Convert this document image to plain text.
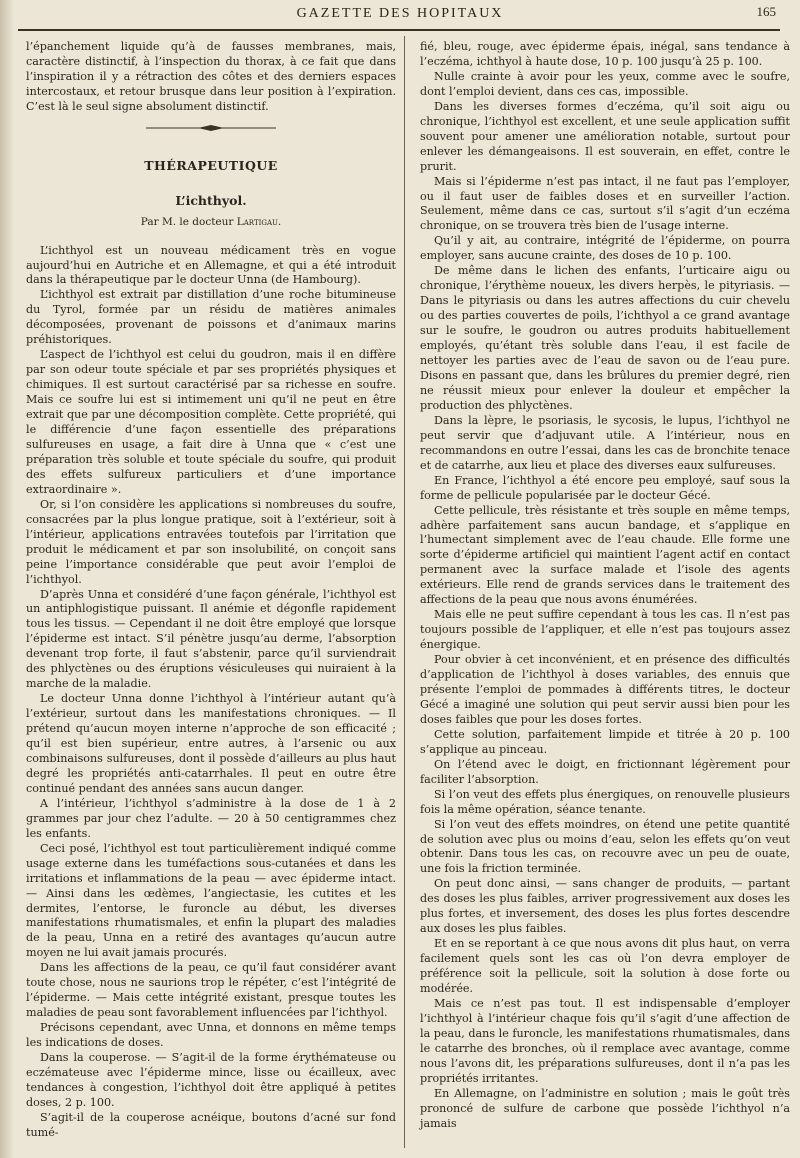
GAZETTE DES HOPITAUX	165

l’épanchement liquide qu’à de fausses membranes, mais, caractère distinctif, à l’inspection du thorax, à ce fait que dans l’inspiration il y a rétraction des côtes et des derniers espaces intercostaux, et retour brusque dans leur position à l’expiration. C’est là le seul signe absolument distinctif.

THÉRAPEUTIQUE
L’ichthyol.
Par M. le docteur Lartigau.

L’ichthyol est un nouveau médicament très en vogue aujourd’hui en Autriche et en Allemagne, et qui a été introduit dans la thérapeutique par le docteur Unna (de Hambourg).

L’ichthyol est extrait par distillation d’une roche bitumineuse du Tyrol, formée par un résidu de matières animales décomposées, provenant de poissons et d’animaux marins préhistoriques.

L’aspect de l’ichthyol est celui du goudron, mais il en diffère par son odeur toute spéciale et par ses propriétés physiques et chimiques. Il est surtout caractérisé par sa richesse en soufre. Mais ce soufre lui est si intimement uni qu’il ne peut en être extrait que par une décomposition complète. Cette propriété, qui le différencie d’une façon essentielle des préparations sulfureuses en usage, a fait dire à Unna que « c’est une préparation très soluble et toute spéciale du soufre, qui produit des effets sulfureux particuliers et d’une importance extraordinaire ».

Or, si l’on considère les applications si nombreuses du soufre, consacrées par la plus longue pratique, soit à l’extérieur, soit à l’intérieur, applications entravées toutefois par l’irritation que produit le médicament et par son insolubilité, on conçoit sans peine l’importance considérable que peut avoir l’emploi de l’ichthyol.

D’après Unna et considéré d’une façon générale, l’ichthyol est un antiphlogistique puissant. Il anémie et dégonfle rapidement tous les tissus. — Cependant il ne doit être employé que lorsque l’épiderme est intact. S’il pénètre jusqu’au derme, l’absorption devenant trop forte, il faut s’abstenir, parce qu’il surviendrait des phlyctènes ou des éruptions vésiculeuses qui nuiraient à la marche de la maladie.

Le docteur Unna donne l’ichthyol à l’intérieur autant qu’à l’extérieur, surtout dans les manifestations chroniques. — Il prétend qu’aucun moyen interne n’approche de son efficacité ; qu’il est bien supérieur, entre autres, à l’arsenic ou aux combinaisons sulfureuses, dont il possède d’ailleurs au plus haut degré les propriétés anti-catarrhales. Il peut en outre être continué pendant des années sans aucun danger.

A l’intérieur, l’ichthyol s’administre à la dose de 1 à 2 grammes par jour chez l’adulte. — 20 à 50 centigrammes chez les enfants.

Ceci posé, l’ichthyol est tout particulièrement indiqué comme usage externe dans les tuméfactions sous-cutanées et dans les irritations et inflammations de la peau — avec épiderme intact. — Ainsi dans les œdèmes, l’angiectasie, les cutites et les dermites, l’entorse, le furoncle au début, les diverses manifestations rhumatismales, et enfin la plupart des maladies de la peau, Unna en a retiré des avantages qu’aucun autre moyen ne lui avait jamais procurés.

Dans les affections de la peau, ce qu’il faut considérer avant toute chose, nous ne saurions trop le répéter, c’est l’intégrité de l’épiderme. — Mais cette intégrité existant, presque toutes les maladies de peau sont favorablement influencées par l’ichthyol.

Précisons cependant, avec Unna, et donnons en même temps les indications de doses.

Dans la couperose. — S’agit-il de la forme érythémateuse ou eczémateuse avec l’épiderme mince, lisse ou écailleux, avec tendances à congestion, l’ichthyol doit être appliqué à petites doses, 2 p. 100.

S’agit-il de la couperose acnéique, boutons d’acné sur fond tumé-

fié, bleu, rouge, avec épiderme épais, inégal, sans tendance à l’eczéma, ichthyol à haute dose, 10 p. 100 jusqu’à 25 p. 100.

Nulle crainte à avoir pour les yeux, comme avec le soufre, dont l’emploi devient, dans ces cas, impossible.

Dans les diverses formes d’eczéma, qu’il soit aigu ou chronique, l’ichthyol est excellent, et une seule application suffit souvent pour amener une amélioration notable, surtout pour enlever les démangeaisons. Il est souverain, en effet, contre le prurit.

Mais si l’épiderme n’est pas intact, il ne faut pas l’employer, ou il faut user de faibles doses et en surveiller l’action. Seulement, même dans ce cas, surtout s’il s’agit d’un eczéma chronique, on se trouvera très bien de l’usage interne.

Qu’il y ait, au contraire, intégrité de l’épiderme, on pourra employer, sans aucune crainte, des doses de 10 p. 100.

De même dans le lichen des enfants, l’urticaire aigu ou chronique, l’érythème noueux, les divers herpès, le pityriasis. — Dans le pityriasis ou dans les autres affections du cuir chevelu ou des parties couvertes de poils, l’ichthyol a ce grand avantage sur le soufre, le goudron ou autres produits habituellement employés, qu’étant très soluble dans l’eau, il est facile de nettoyer les parties avec de l’eau de savon ou de l’eau pure. Disons en passant que, dans les brûlures du premier degré, rien ne réussit mieux pour enlever la douleur et empêcher la production des phlyctènes.

Dans la lèpre, le psoriasis, le sycosis, le lupus, l’ichthyol ne peut servir que d’adjuvant utile. A l’intérieur, nous en recommandons en outre l’essai, dans les cas de bronchite tenace et de catarrhe, aux lieu et place des diverses eaux sulfureuses.

En France, l’ichthyol a été encore peu employé, sauf sous la forme de pellicule popularisée par le docteur Gécé.

Cette pellicule, très résistante et très souple en même temps, adhère parfaitement sans aucun bandage, et s’applique en l’humectant simplement avec de l’eau chaude. Elle forme une sorte d’épiderme artificiel qui maintient l’agent actif en contact permanent avec la surface malade et l’isole des agents extérieurs. Elle rend de grands services dans le traitement des affections de la peau que nous avons énumérées.

Mais elle ne peut suffire cependant à tous les cas. Il n’est pas toujours possible de l’appliquer, et elle n’est pas toujours assez énergique.

Pour obvier à cet inconvénient, et en présence des difficultés d’application de l’ichthyol à doses variables, des ennuis que présente l’emploi de pommades à différents titres, le docteur Gécé a imaginé une solution qui peut servir aussi bien pour les doses faibles que pour les doses fortes.

Cette solution, parfaitement limpide et titrée à 20 p. 100 s’applique au pinceau.

On l’étend avec le doigt, en frictionnant légèrement pour faciliter l’absorption.

Si l’on veut des effets plus énergiques, on renouvelle plusieurs fois la même opération, séance tenante.

Si l’on veut des effets moindres, on étend une petite quantité de solution avec plus ou moins d’eau, selon les effets qu’on veut obtenir. Dans tous les cas, on recouvre avec un peu de ouate, une fois la friction terminée.

On peut donc ainsi, — sans changer de produits, — partant des doses les plus faibles, arriver progressivement aux doses les plus fortes, et inversement, des doses les plus fortes descendre aux doses les plus faibles.

Et en se reportant à ce que nous avons dit plus haut, on verra facilement quels sont les cas où l’on devra employer de préférence soit la pellicule, soit la solution à dose forte ou modérée.

Mais ce n’est pas tout. Il est indispensable d’employer l’ichthyol à l’intérieur chaque fois qu’il s’agit d’une affection de la peau, dans le furoncle, les manifestations rhumatismales, dans le catarrhe des bronches, où il remplace avec avantage, comme nous l’avons dit, les préparations sulfureuses, dont il n’a pas les propriétés irritantes.

En Allemagne, on l’administre en solution ; mais le goût très prononcé de sulfure de carbone que possède l’ichthyol n’a jamais
